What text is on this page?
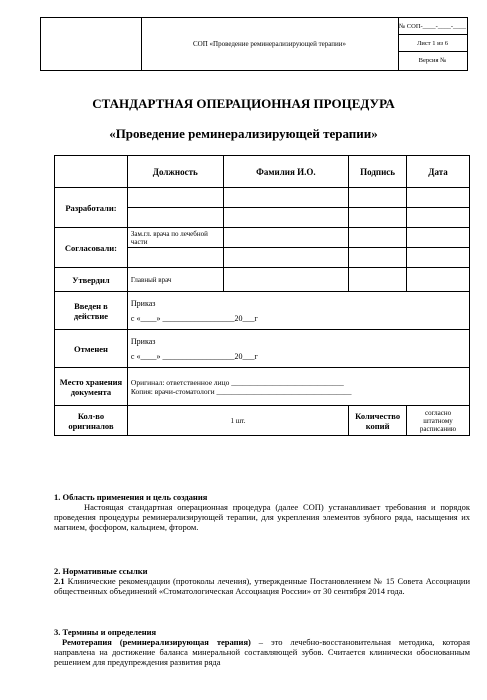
СОП «Проведение реминерализирующей терапии»
№ СОП-____-____-____
Лист 1 из 6
Версия №
СТАНДАРТНАЯ ОПЕРАЦИОННАЯ ПРОЦЕДУРА
«Проведение реминерализирующей терапии»
	Должность	Фамилия И.О.	Подпись	Дата
Разработали:				

Согласовали:	Зам.гл. врача по лечебной части			

Утвердил	Главный врач			
Введен в действие	Приказ
с «____» __________________20___г			

Отменен	Приказ
с «____» __________________20___г			

Место хранения документа	Оригинал: ответственное лицо ______________________________
Копия: врачи-стоматологи ____________________________________			

Кол-во оригиналов	1 шт.		Количество копий	согласно штатному расписанию
1. Область применения и цель создания
Настоящая стандартная операционная процедура (далее СОП) устанавливает требования и порядок проведения процедуры реминерализирующей терапии, для укрепления элементов зубного ряда, насыщения их магнием, фосфором, кальцием, фтором.
2. Нормативные ссылки
2.1 Клинические рекомендации (протоколы лечения), утвержденные Постановлением № 15 Совета Ассоциации общественных объединений «Стоматологическая Ассоциация России» от 30 сентября 2014 года.
3. Термины и определения
Ремотерапия (реминерализирующая терапия) – это лечебно-восстановительная методика, которая направлена на достижение баланса минеральной составляющей зубов. Считается клинически обоснованным решением для предупреждения развития ряда
